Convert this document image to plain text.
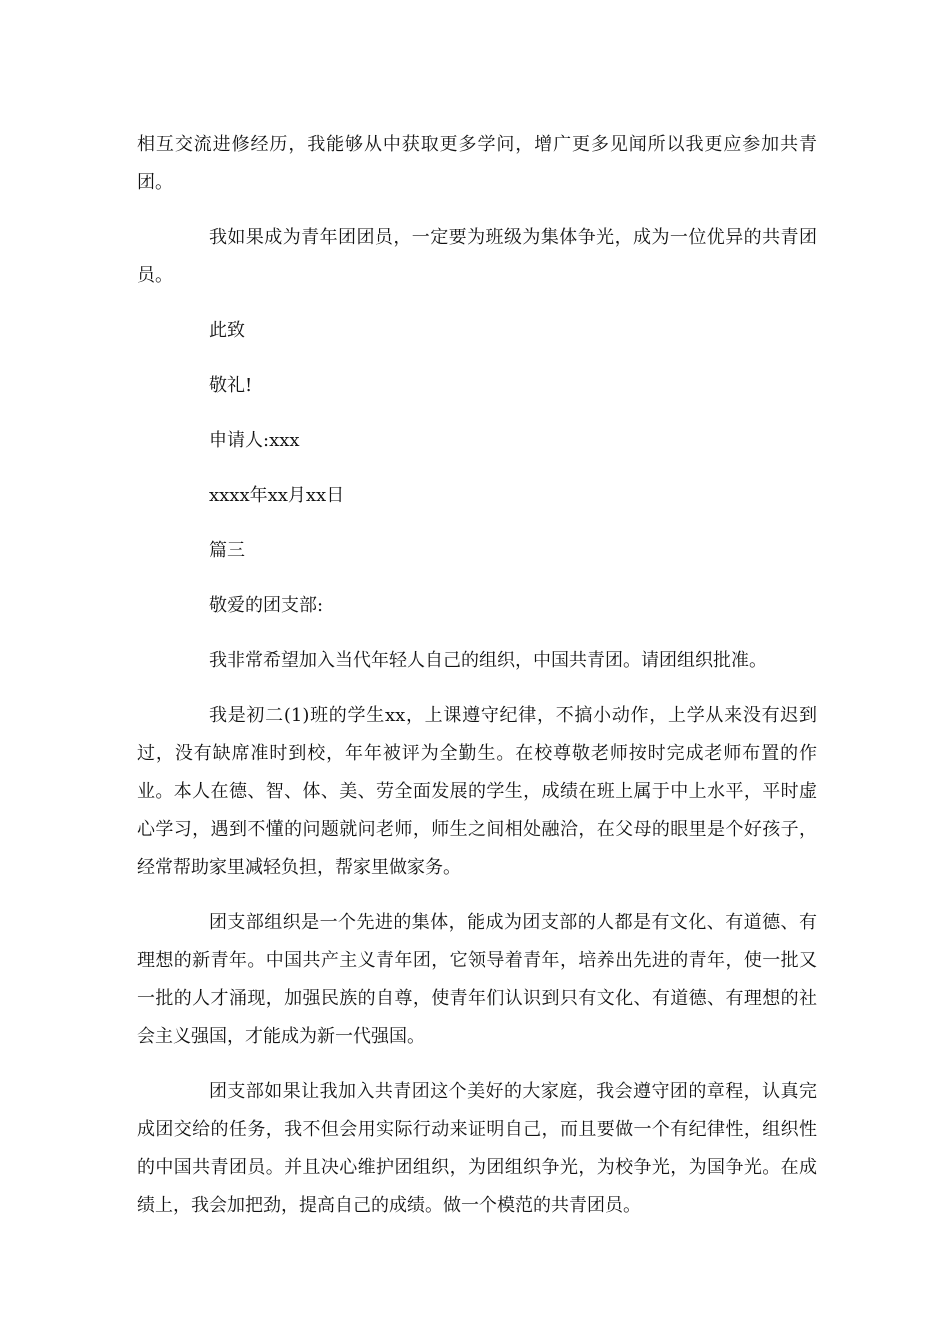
相互交流进修经历，我能够从中获取更多学问，增广更多见闻所以我更应参加共青团。

我如果成为青年团团员，一定要为班级为集体争光，成为一位优异的共青团员。

此致

敬礼!

申请人:xxx

xxxx年xx月xx日

篇三

敬爱的团支部:

我非常希望加入当代年轻人自己的组织，中国共青团。请团组织批准。

我是初二(1)班的学生xx，上课遵守纪律，不搞小动作，上学从来没有迟到过，没有缺席准时到校，年年被评为全勤生。在校尊敬老师按时完成老师布置的作业。本人在德、智、体、美、劳全面发展的学生，成绩在班上属于中上水平，平时虚心学习，遇到不懂的问题就问老师，师生之间相处融洽，在父母的眼里是个好孩子，经常帮助家里减轻负担，帮家里做家务。

团支部组织是一个先进的集体，能成为团支部的人都是有文化、有道德、有理想的新青年。中国共产主义青年团，它领导着青年，培养出先进的青年，使一批又一批的人才涌现，加强民族的自尊，使青年们认识到只有文化、有道德、有理想的社会主义强国，才能成为新一代强国。

团支部如果让我加入共青团这个美好的大家庭，我会遵守团的章程，认真完成团交给的任务，我不但会用实际行动来证明自己，而且要做一个有纪律性，组织性的中国共青团员。并且决心维护团组织，为团组织争光，为校争光，为国争光。在成绩上，我会加把劲，提高自己的成绩。做一个模范的共青团员。
